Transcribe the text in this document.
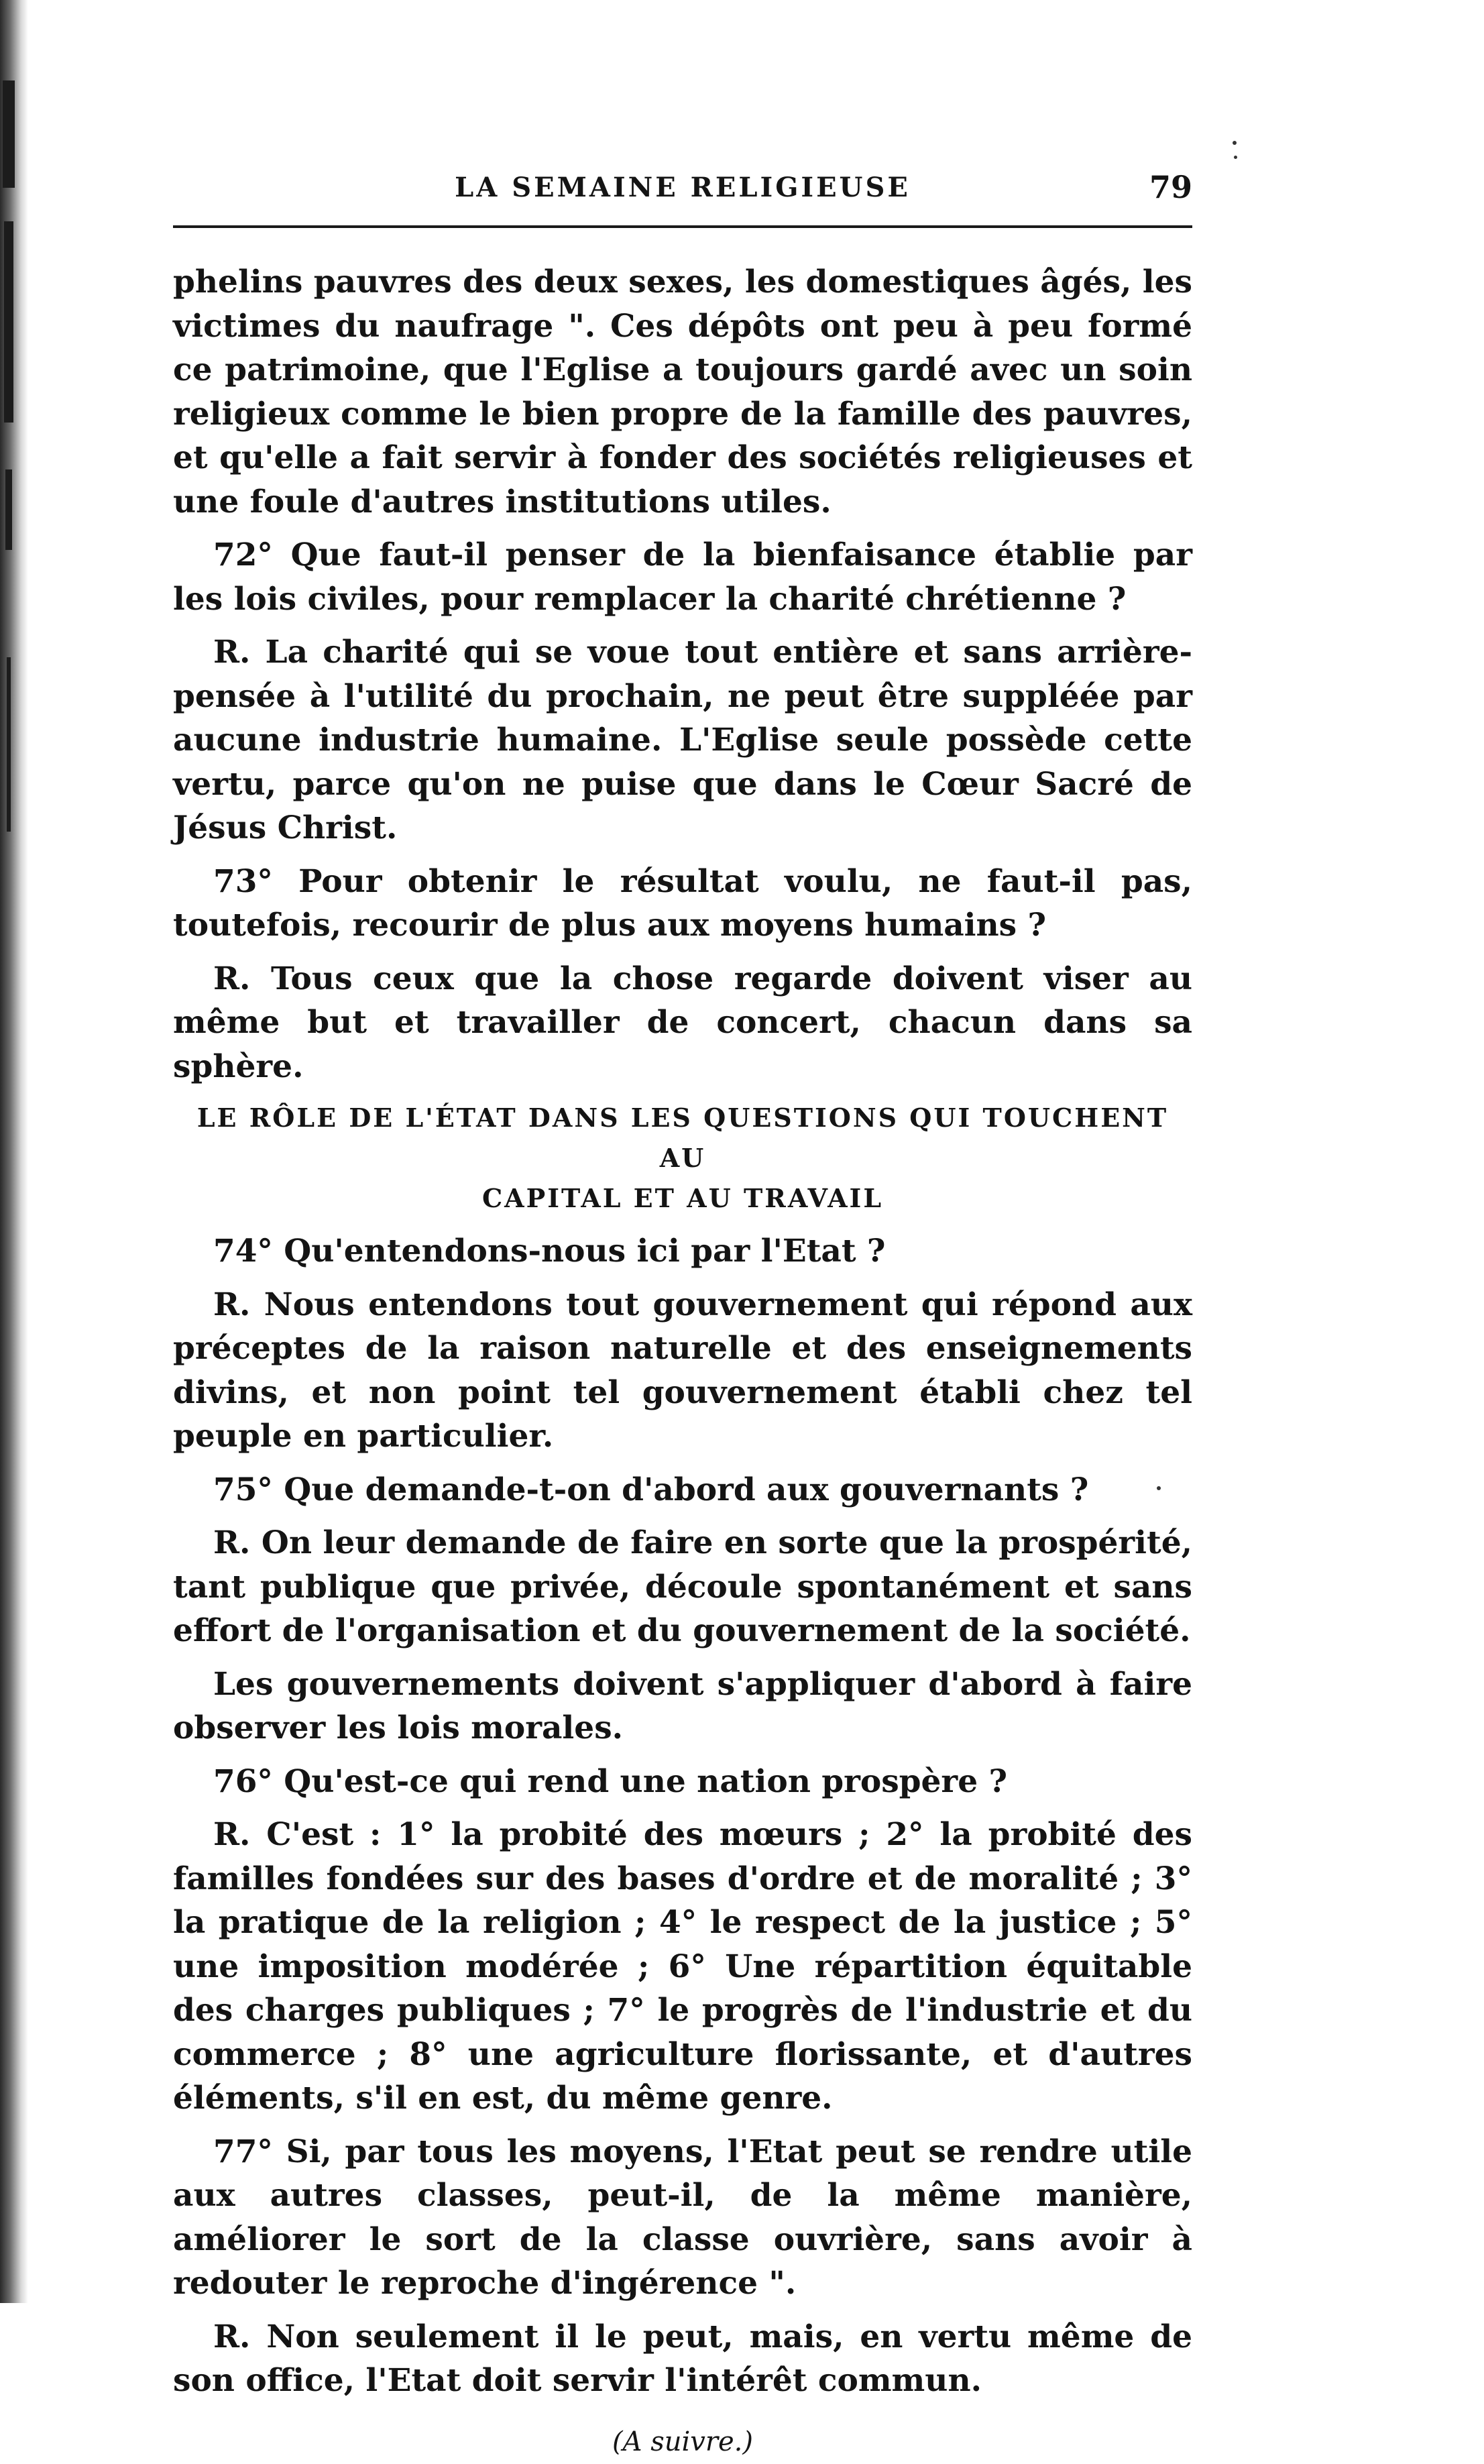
LA SEMAINE RELIGIEUSE	79

phelins pauvres des deux sexes, les domestiques âgés, les victimes du naufrage ". Ces dépôts ont peu à peu formé ce patrimoine, que l'Eglise a toujours gardé avec un soin religieux comme le bien propre de la famille des pauvres, et qu'elle a fait servir à fonder des sociétés religieuses et une foule d'autres institutions utiles.

72° Que faut-il penser de la bienfaisance établie par les lois civiles, pour remplacer la charité chrétienne ?

R. La charité qui se voue tout entière et sans arrière-pensée à l'utilité du prochain, ne peut être suppléée par aucune industrie humaine. L'Eglise seule possède cette vertu, parce qu'on ne puise que dans le Cœur Sacré de Jésus Christ.

73° Pour obtenir le résultat voulu, ne faut-il pas, toutefois, recourir de plus aux moyens humains ?

R. Tous ceux que la chose regarde doivent viser au même but et travailler de concert, chacun dans sa sphère.

LE RÔLE DE L'ÉTAT DANS LES QUESTIONS QUI TOUCHENT AU
CAPITAL ET AU TRAVAIL

74° Qu'entendons-nous ici par l'Etat ?

R. Nous entendons tout gouvernement qui répond aux préceptes de la raison naturelle et des enseignements divins, et non point tel gouvernement établi chez tel peuple en particulier.

75° Que demande-t-on d'abord aux gouvernants ?

R. On leur demande de faire en sorte que la prospérité, tant publique que privée, découle spontanément et sans effort de l'organisation et du gouvernement de la société.

Les gouvernements doivent s'appliquer d'abord à faire observer les lois morales.

76° Qu'est-ce qui rend une nation prospère ?

R. C'est : 1° la probité des mœurs ; 2° la probité des familles fondées sur des bases d'ordre et de moralité ; 3° la pratique de la religion ; 4° le respect de la justice ; 5° une imposition modérée ; 6° Une répartition équitable des charges publiques ; 7° le progrès de l'industrie et du commerce ; 8° une agriculture florissante, et d'autres éléments, s'il en est, du même genre.

77° Si, par tous les moyens, l'Etat peut se rendre utile aux autres classes, peut-il, de la même manière, améliorer le sort de la classe ouvrière, sans avoir à redouter le reproche d'ingérence ".

R. Non seulement il le peut, mais, en vertu même de son office, l'Etat doit servir l'intérêt commun.

(A suivre.)
